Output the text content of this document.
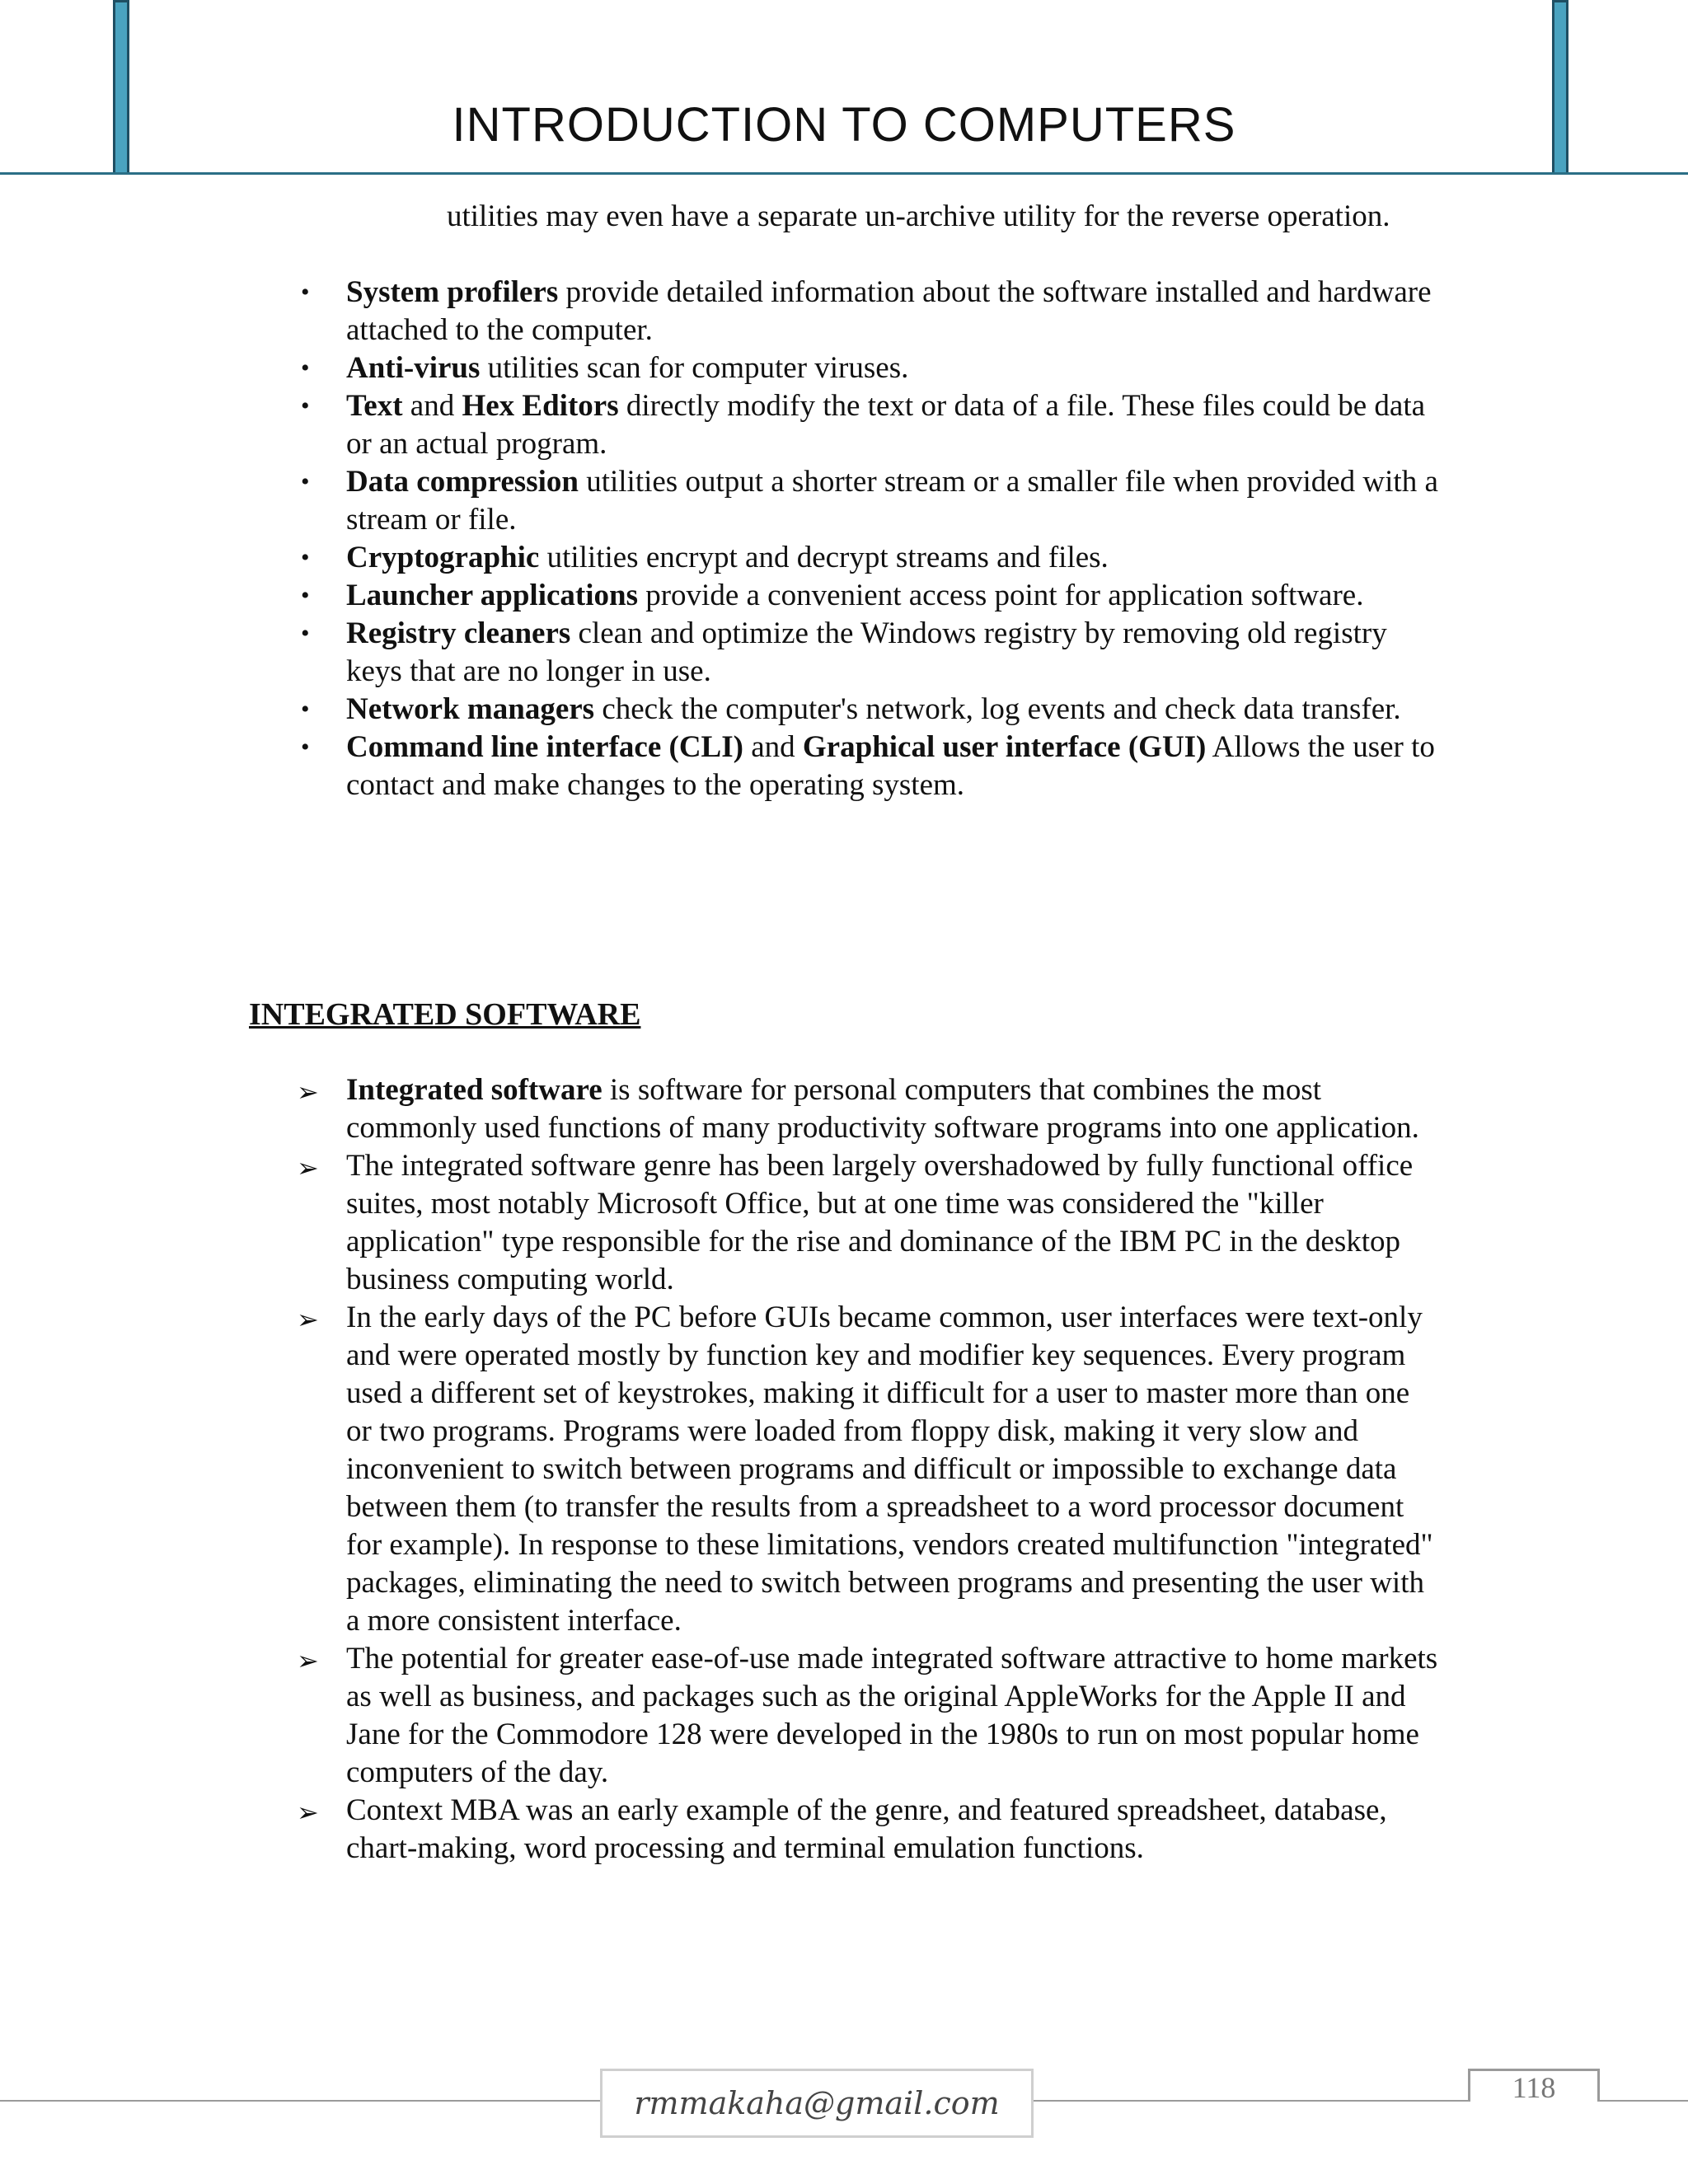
INTRODUCTION TO COMPUTERS
utilities may even have a separate un-archive utility for the reverse operation.
•	System profilers provide detailed information about the software installed and hardware attached to the computer.
•	Anti-virus utilities scan for computer viruses.
•	Text and Hex Editors directly modify the text or data of a file. These files could be data or an actual program.
•	Data compression utilities output a shorter stream or a smaller file when provided with a stream or file.
•	Cryptographic utilities encrypt and decrypt streams and files.
•	Launcher applications provide a convenient access point for application software.
•	Registry cleaners clean and optimize the Windows registry by removing old registry keys that are no longer in use.
•	Network managers check the computer's network, log events and check data transfer.
•	Command line interface (CLI) and Graphical user interface (GUI) Allows the user to contact and make changes to the operating system.
INTEGRATED SOFTWARE
➢ Integrated software is software for personal computers that combines the most commonly used functions of many productivity software programs into one application.
➢ The integrated software genre has been largely overshadowed by fully functional office suites, most notably Microsoft Office, but at one time was considered the "killer application" type responsible for the rise and dominance of the IBM PC in the desktop business computing world.
➢ In the early days of the PC before GUIs became common, user interfaces were text-only and were operated mostly by function key and modifier key sequences. Every program used a different set of keystrokes, making it difficult for a user to master more than one or two programs. Programs were loaded from floppy disk, making it very slow and inconvenient to switch between programs and difficult or impossible to exchange data between them (to transfer the results from a spreadsheet to a word processor document for example). In response to these limitations, vendors created multifunction "integrated" packages, eliminating the need to switch between programs and presenting the user with a more consistent interface.
➢ The potential for greater ease-of-use made integrated software attractive to home markets as well as business, and packages such as the original AppleWorks for the Apple II and Jane for the Commodore 128 were developed in the 1980s to run on most popular home computers of the day.
➢ Context MBA was an early example of the genre, and featured spreadsheet, database, chart-making, word processing and terminal emulation functions.
rmmakaha@gmail.com	118
